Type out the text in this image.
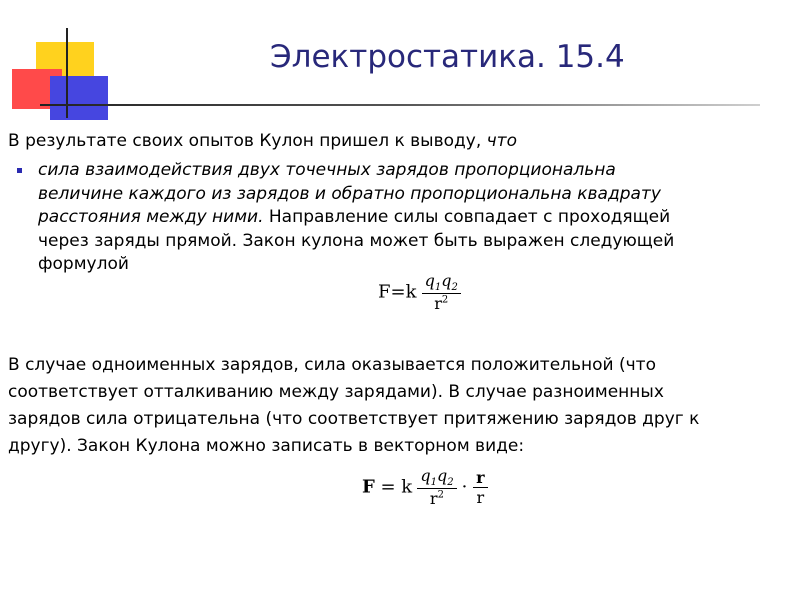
Электростатика. 15.4
В результате своих опытов Кулон пришел к выводу, что
сила взаимодействия двух точечных зарядов пропорциональна
величине каждого из зарядов и обратно пропорциональна квадрату
расстояния между ними. Направление силы совпадает с проходящей
через заряды прямой. Закон кулона может быть выражен следующей
формулой
$F=k \frac{q_1q_2}{r^2}$
В случае одноименных зарядов, сила оказывается положительной (что
соответствует отталкиванию между зарядами). В случае разноименных
зарядов сила отрицательна (что соответствует притяжению зарядов друг к
другу). Закон Кулона можно записать в векторном виде:
F = k $\frac{q_1q_2}{r^2} \cdot \frac{r}{r}$
